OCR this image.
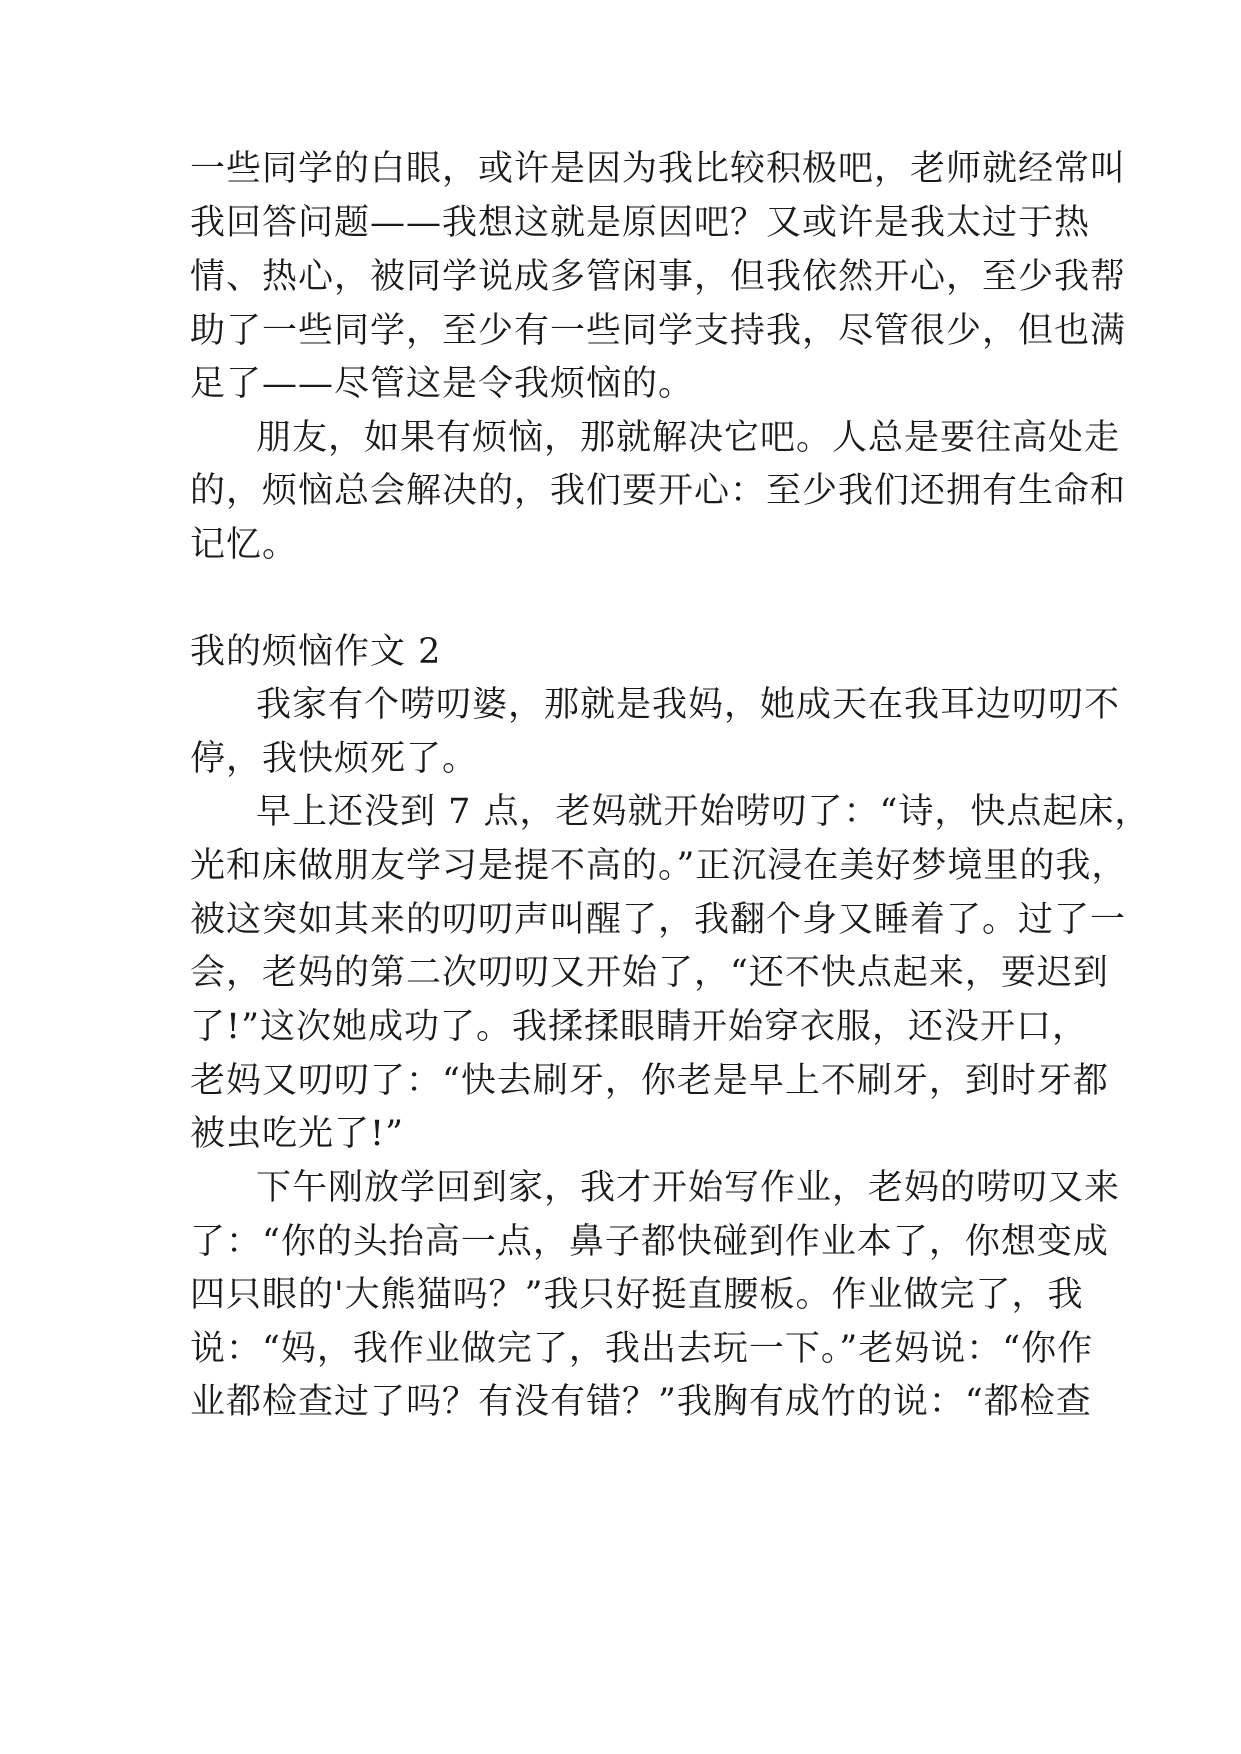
一些同学的白眼，或许是因为我比较积极吧，老师就经常叫
我回答问题——我想这就是原因吧？又或许是我太过于热
情、热心，被同学说成多管闲事，但我依然开心，至少我帮
助了一些同学，至少有一些同学支持我，尽管很少，但也满
足了——尽管这是令我烦恼的。
朋友，如果有烦恼，那就解决它吧。人总是要往高处走
的，烦恼总会解决的，我们要开心：至少我们还拥有生命和
记忆。
我的烦恼作文 2
我家有个唠叨婆，那就是我妈，她成天在我耳边叨叨不
停，我快烦死了。
早上还没到 7 点，老妈就开始唠叨了：“诗，快点起床，
光和床做朋友学习是提不高的。”正沉浸在美好梦境里的我，
被这突如其来的叨叨声叫醒了，我翻个身又睡着了。过了一
会，老妈的第二次叨叨又开始了，“还不快点起来，要迟到
了!”这次她成功了。我揉揉眼睛开始穿衣服，还没开口，
老妈又叨叨了：“快去刷牙，你老是早上不刷牙，到时牙都
被虫吃光了!”
下午刚放学回到家，我才开始写作业，老妈的唠叨又来
了：“你的头抬高一点，鼻子都快碰到作业本了，你想变成
四只眼的'大熊猫吗？”我只好挺直腰板。作业做完了，我
说：“妈，我作业做完了，我出去玩一下。”老妈说：“你作
业都检查过了吗？有没有错？”我胸有成竹的说：“都检查
